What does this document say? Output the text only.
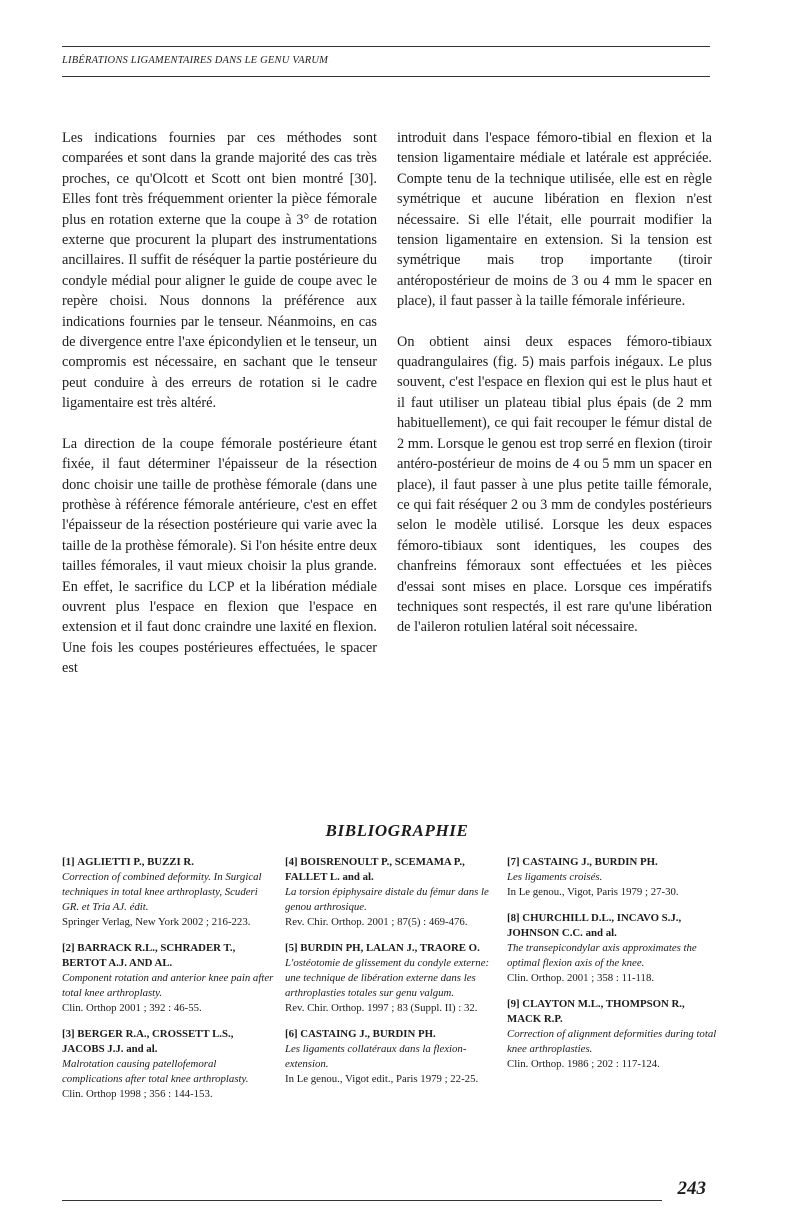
LIBÉRATIONS LIGAMENTAIRES DANS LE GENU VARUM

Les indications fournies par ces méthodes sont comparées et sont dans la grande majorité des cas très proches, ce qu'Olcott et Scott ont bien montré [30]. Elles font très fréquemment orienter la pièce fémorale plus en rotation externe que la coupe à 3° de rotation externe que procurent la plupart des instrumentations ancillaires. Il suffit de réséquer la partie postérieure du condyle médial pour aligner le guide de coupe avec le repère choisi. Nous donnons la préférence aux indications fournies par le tenseur. Néanmoins, en cas de divergence entre l'axe épicondylien et le tenseur, un compromis est nécessaire, en sachant que le tenseur peut conduire à des erreurs de rotation si le cadre ligamentaire est très altéré.

La direction de la coupe fémorale postérieure étant fixée, il faut déterminer l'épaisseur de la résection donc choisir une taille de prothèse fémorale (dans une prothèse à référence fémorale antérieure, c'est en effet l'épaisseur de la résection postérieure qui varie avec la taille de la prothèse fémorale). Si l'on hésite entre deux tailles fémorales, il vaut mieux choisir la plus grande. En effet, le sacrifice du LCP et la libération médiale ouvrent plus l'espace en flexion que l'espace en extension et il faut donc craindre une laxité en flexion. Une fois les coupes postérieures effectuées, le spacer est

introduit dans l'espace fémoro-tibial en flexion et la tension ligamentaire médiale et latérale est appréciée. Compte tenu de la technique utilisée, elle est en règle symétrique et aucune libération en flexion n'est nécessaire. Si elle l'était, elle pourrait modifier la tension ligamentaire en extension. Si la tension est symétrique mais trop importante (tiroir antéropostérieur de moins de 3 ou 4 mm le spacer en place), il faut passer à la taille fémorale inférieure.

On obtient ainsi deux espaces fémoro-tibiaux quadrangulaires (fig. 5) mais parfois inégaux. Le plus souvent, c'est l'espace en flexion qui est le plus haut et il faut utiliser un plateau tibial plus épais (de 2 mm habituellement), ce qui fait recouper le fémur distal de 2 mm. Lorsque le genou est trop serré en flexion (tiroir antéro-postérieur de moins de 4 ou 5 mm un spacer en place), il faut passer à une plus petite taille fémorale, ce qui fait réséquer 2 ou 3 mm de condyles postérieurs selon le modèle utilisé. Lorsque les deux espaces fémoro-tibiaux sont identiques, les coupes des chanfreins fémoraux sont effectuées et les pièces d'essai sont mises en place. Lorsque ces impératifs techniques sont respectés, il est rare qu'une libération de l'aileron rotulien latéral soit nécessaire.

BIBLIOGRAPHIE
[1] AGLIETTI P., BUZZI R.
Correction of combined deformity. In Surgical techniques in total knee arthroplasty, Scuderi GR. et Tria AJ. édit.
Springer Verlag, New York 2002 ; 216-223.
[2] BARRACK R.L., SCHRADER T., BERTOT A.J. AND AL.
Component rotation and anterior knee pain after total knee arthroplasty.
Clin. Orthop 2001 ; 392 : 46-55.
[3] BERGER R.A., CROSSETT L.S., JACOBS J.J. and al.
Malrotation causing patellofemoral complications after total knee arthroplasty.
Clin. Orthop 1998 ; 356 : 144-153.
[4] BOISRENOULT P., SCEMAMA P., FALLET L. and al.
La torsion épiphysaire distale du fémur dans le genou arthrosique.
Rev. Chir. Orthop. 2001 ; 87(5) : 469-476.
[5] BURDIN PH, LALAN J., TRAORE O.
L'ostéotomie de glissement du condyle externe: une technique de libération externe dans les arthroplasties totales sur genu valgum.
Rev. Chir. Orthop. 1997 ; 83 (Suppl. II) : 32.
[6] CASTAING J., BURDIN PH.
Les ligaments collatéraux dans la flexion-extension.
In Le genou., Vigot edit., Paris 1979 ; 22-25.
[7] CASTAING J., BURDIN PH.
Les ligaments croisés.
In Le genou., Vigot, Paris 1979 ; 27-30.
[8] CHURCHILL D.L., INCAVO S.J., JOHNSON C.C. and al.
The transepicondylar axis approximates the optimal flexion axis of the knee.
Clin. Orthop. 2001 ; 358 : 11-118.
[9] CLAYTON M.L., THOMPSON R., MACK R.P.
Correction of alignment deformities during total knee arthroplasties.
Clin. Orthop. 1986 ; 202 : 117-124.
243
